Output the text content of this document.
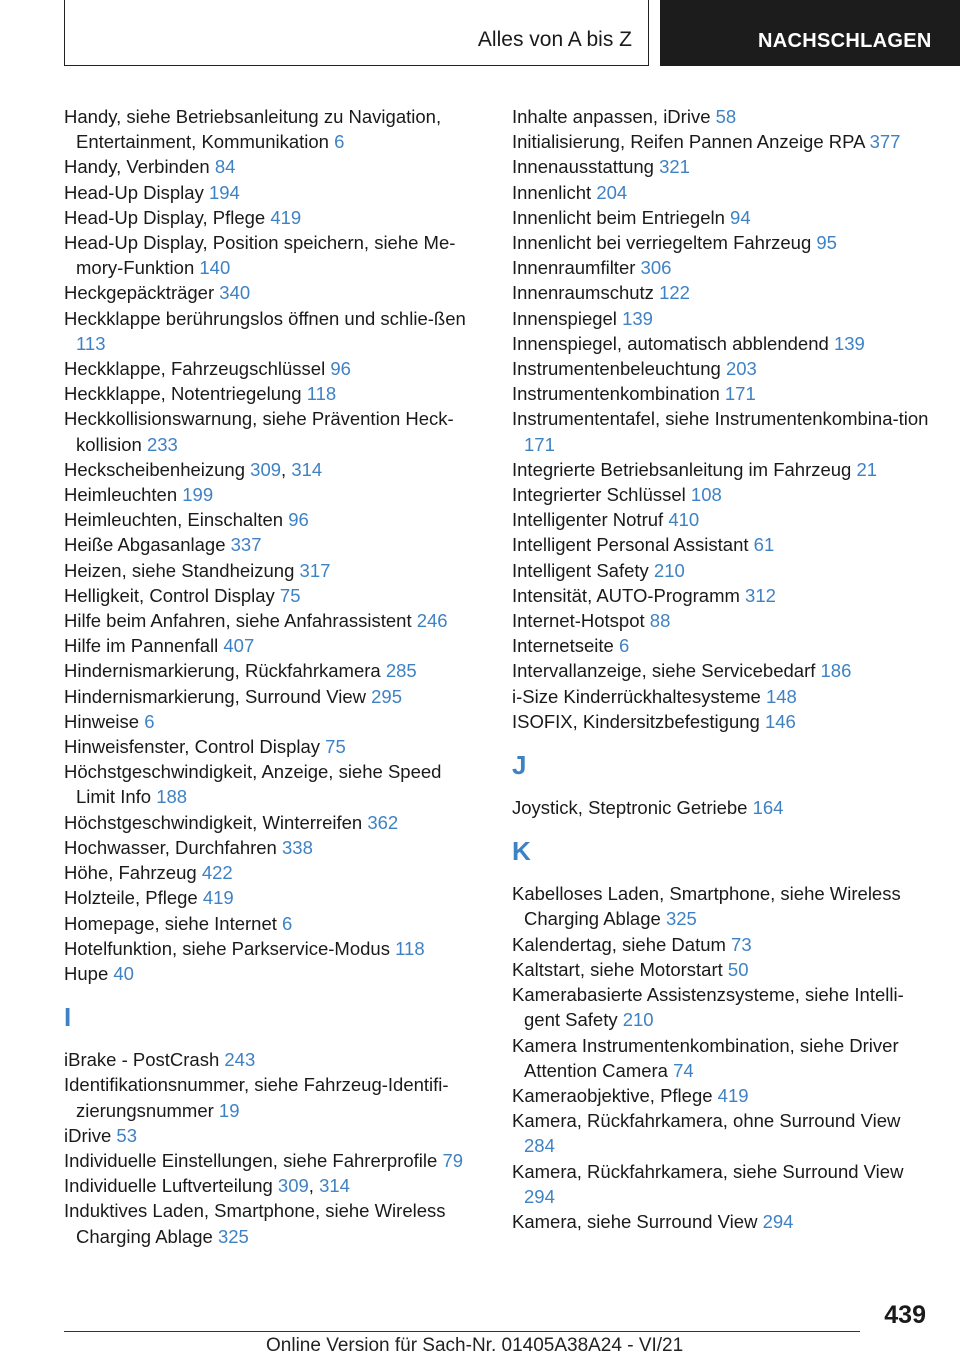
Alles von A bis Z	NACHSCHLAGEN

Handy, siehe Betriebsanleitung zu Navigation, Entertainment, Kommunikation 6

Handy, Verbinden 84

Head-Up Display 194

Head-Up Display, Pflege 419

Head-Up Display, Position speichern, siehe Me-mory-Funktion 140

Heckgepäckträger 340

Heckklappe berührungslos öffnen und schlie-ßen 113

Heckklappe, Fahrzeugschlüssel 96

Heckklappe, Notentriegelung 118

Heckkollisionswarnung, siehe Prävention Heck-kollision 233

Heckscheibenheizung 309, 314

Heimleuchten 199

Heimleuchten, Einschalten 96

Heiße Abgasanlage 337

Heizen, siehe Standheizung 317

Helligkeit, Control Display 75

Hilfe beim Anfahren, siehe Anfahrassistent 246

Hilfe im Pannenfall 407

Hindernismarkierung, Rückfahrkamera 285

Hindernismarkierung, Surround View 295

Hinweise 6

Hinweisfenster, Control Display 75

Höchstgeschwindigkeit, Anzeige, siehe Speed Limit Info 188

Höchstgeschwindigkeit, Winterreifen 362

Hochwasser, Durchfahren 338

Höhe, Fahrzeug 422

Holzteile, Pflege 419

Homepage, siehe Internet 6

Hotelfunktion, siehe Parkservice-Modus 118

Hupe 40

I

iBrake - PostCrash 243

Identifikationsnummer, siehe Fahrzeug-Identifi-zierungsnummer 19

iDrive 53

Individuelle Einstellungen, siehe Fahrerprofile 79

Individuelle Luftverteilung 309, 314

Induktives Laden, Smartphone, siehe Wireless Charging Ablage 325

Inhalte anpassen, iDrive 58

Initialisierung, Reifen Pannen Anzeige RPA 377

Innenausstattung 321

Innenlicht 204

Innenlicht beim Entriegeln 94

Innenlicht bei verriegeltem Fahrzeug 95

Innenraumfilter 306

Innenraumschutz 122

Innenspiegel 139

Innenspiegel, automatisch abblendend 139

Instrumentenbeleuchtung 203

Instrumentenkombination 171

Instrumententafel, siehe Instrumentenkombina-tion 171

Integrierte Betriebsanleitung im Fahrzeug 21

Integrierter Schlüssel 108

Intelligenter Notruf 410

Intelligent Personal Assistant 61

Intelligent Safety 210

Intensität, AUTO-Programm 312

Internet-Hotspot 88

Internetseite 6

Intervallanzeige, siehe Servicebedarf 186

i-Size Kinderrückhaltesysteme 148

ISOFIX, Kindersitzbefestigung 146

J

Joystick, Steptronic Getriebe 164

K

Kabelloses Laden, Smartphone, siehe Wireless Charging Ablage 325

Kalendertag, siehe Datum 73

Kaltstart, siehe Motorstart 50

Kamerabasierte Assistenzsysteme, siehe Intelli-gent Safety 210

Kamera Instrumentenkombination, siehe Driver Attention Camera 74

Kameraobjektive, Pflege 419

Kamera, Rückfahrkamera, ohne Surround View 284

Kamera, Rückfahrkamera, siehe Surround View 294

Kamera, siehe Surround View 294

439
Online Version für Sach-Nr. 01405A38A24 - VI/21
